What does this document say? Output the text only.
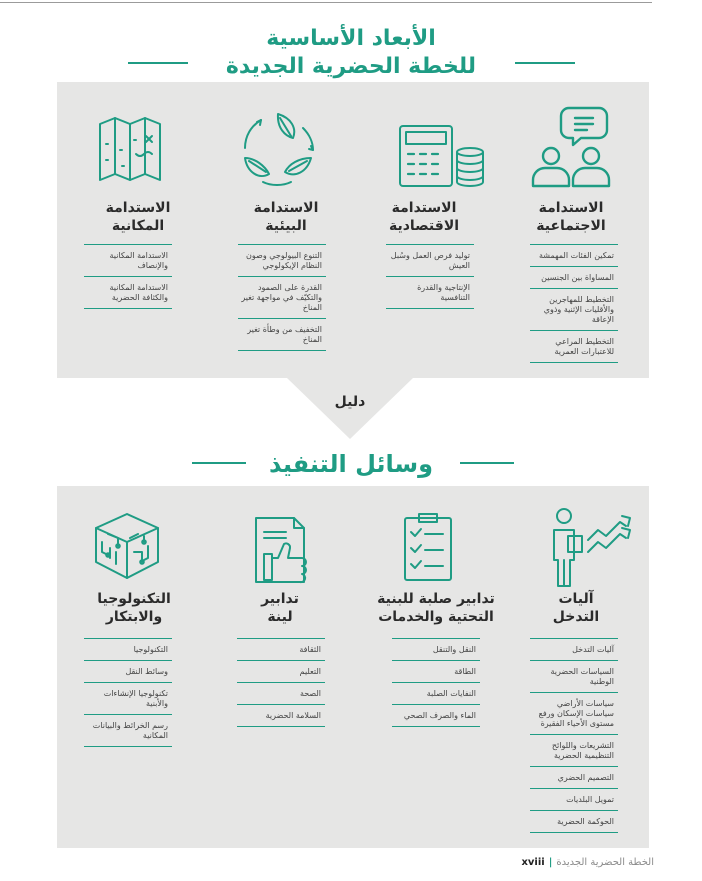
الأبعاد الأساسية
للخطة الحضرية الجديدة
الاستدامة
المكانية
الاستدامة المكانية والإنصاف
الاستدامة المكانية والكثافة الحضرية
الاستدامة
البيئية
التنوع البيولوجي وصون النظام الإيكولوجي
القدرة على الصمود والتكيّف في مواجهة تغير المناخ
التخفيف من وطأة تغير المناخ
الاستدامة
الاقتصادية
توليد فرص العمل وسُبل العيش
الإنتاجية والقدرة التنافسية
الاستدامة
الاجتماعية
تمكين الفئات المهمشة
المساواة بين الجنسين
التخطيط للمهاجرين والأقليات الإثنية وذوي الإعاقة
التخطيط المراعي للاعتبارات العمرية
دليل
وسائل التنفيذ
التكنولوجيا
والابتكار
التكنولوجيا
وسائط النقل
تكنولوجيا الإنشاءات والأبنية
رسم الخرائط والبيانات المكانية
تدابير
لينة
الثقافة
التعليم
الصحة
السلامة الحضرية
تدابير صلبة للبنية
التحتية والخدمات
النقل والتنقل
الطاقة
النفايات الصلبة
الماء والصرف الصحي
آليات
التدخل
آليات التدخل
السياسات الحضرية الوطنية
سياسات الأراضي سياسات الإسكان ورفع مستوى الأحياء الفقيرة
التشريعات واللوائح التنظيمية الحضرية
التصميم الحضري
تمويل البلديات
الحوكمة الحضرية
الخطة الحضرية الجديدة|xviii
